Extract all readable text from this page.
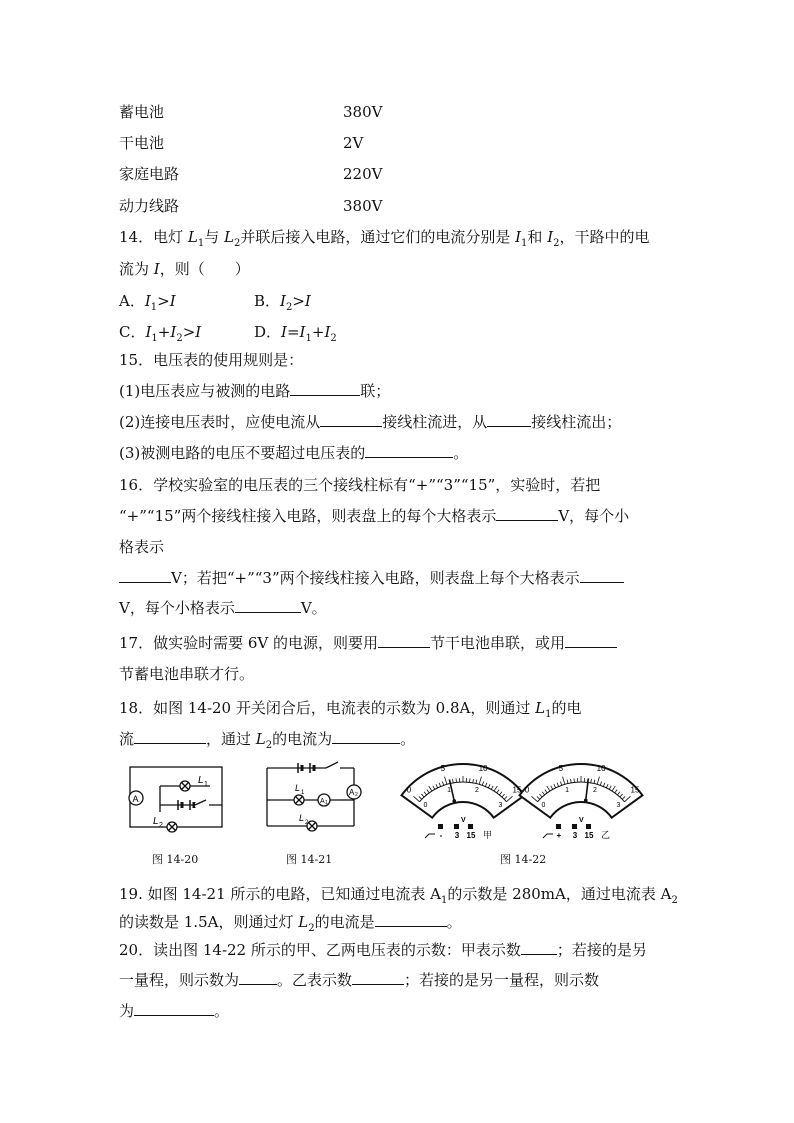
蓄电池	380V
干电池	2V
家庭电路	220V
动力线路	380V
14．电灯 $L_1$与 $L_2$并联后接入电路，通过它们的电流分别是 $I_1$和 $I_2$，干路中的电
流为 I，则（　　）
A．$I_1>I$	B．$I_2>I$
C．$I_1+I_2>I$	D．$I=I_1+I_2$
15．电压表的使用规则是：
(1)电压表应与被测的电路	联；
(2)连接电压表时，应使电流从	接线柱流进，从	接线柱流出；
(3)被测电路的电压不要超过电压表的	。
16．学校实验室的电压表的三个接线柱标有“+”“3”“15”，实验时，若把
“+”“15”两个接线柱接入电路，则表盘上的每个大格表示	V，每个小
格表示
V；若把“+”“3”两个接线柱接入电路，则表盘上每个大格表示
V，每个小格表示	V。
17．做实验时需要 6V 的电源，则要用	节干电池串联，或用
节蓄电池串联才行。
18．如图 14-20 开关闭合后，电流表的示数为 0.8A，则通过 $L_1$的电
流	，通过 $L_2$的电流为	。
A
L 1
L 2
A 1
A 2
L 1
L 2
0
5	10
15
0
1	2
3
V
- 3 15 甲
0
5	10
15
0
1	2
3
V
+ 3 15 乙
图 14-20	图 14-21	图 14-22
19. 如图 14-21 所示的电路，已知通过电流表 $A_1$的示数是 280mA，通过电流表 $A_2$
的读数是 1.5A，则通过灯 $L_2$的电流是	。
20．读出图 14-22 所示的甲、乙两电压表的示数：甲表示数 ；若接的是另
一量程，则示数为	。乙表示数	；若接的是另一量程，则示数
为	。
